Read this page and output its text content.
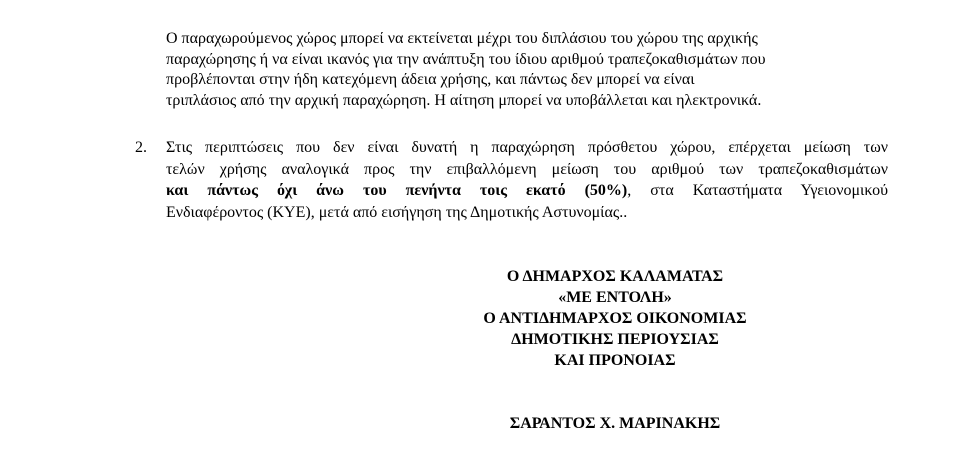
Ο παραχωρούμενος χώρος μπορεί να εκτείνεται μέχρι του διπλάσιου του χώρου της αρχικής
παραχώρησης ή να είναι ικανός για την ανάπτυξη του ίδιου αριθμού τραπεζοκαθισμάτων που
προβλέπονται στην ήδη κατεχόμενη άδεια χρήσης, και πάντως δεν μπορεί να είναι
τριπλάσιος από την αρχική παραχώρηση. Η αίτηση μπορεί να υποβάλλεται και ηλεκτρονικά.

2. Στις περιπτώσεις που δεν είναι δυνατή η παραχώρηση πρόσθετου χώρου, επέρχεται μείωση των
τελών χρήσης αναλογικά προς την επιβαλλόμενη μείωση του αριθμού των τραπεζοκαθισμάτων
και πάντως όχι άνω του πενήντα τοις εκατό (50%), στα Καταστήματα Υγειονομικού
Ενδιαφέροντος (ΚΥΕ), μετά από εισήγηση της Δημοτικής Αστυνομίας..
Ο ΔΗΜΑΡΧΟΣ ΚΑΛΑΜΑΤΑΣ
«ΜΕ ΕΝΤΟΛΗ»
Ο ΑΝΤΙΔΗΜΑΡΧΟΣ ΟΙΚΟΝΟΜΙΑΣ
ΔΗΜΟΤΙΚΗΣ ΠΕΡΙΟΥΣΙΑΣ
ΚΑΙ ΠΡΟΝΟΙΑΣ
ΣΑΡΑΝΤΟΣ Χ. ΜΑΡΙΝΑΚΗΣ
